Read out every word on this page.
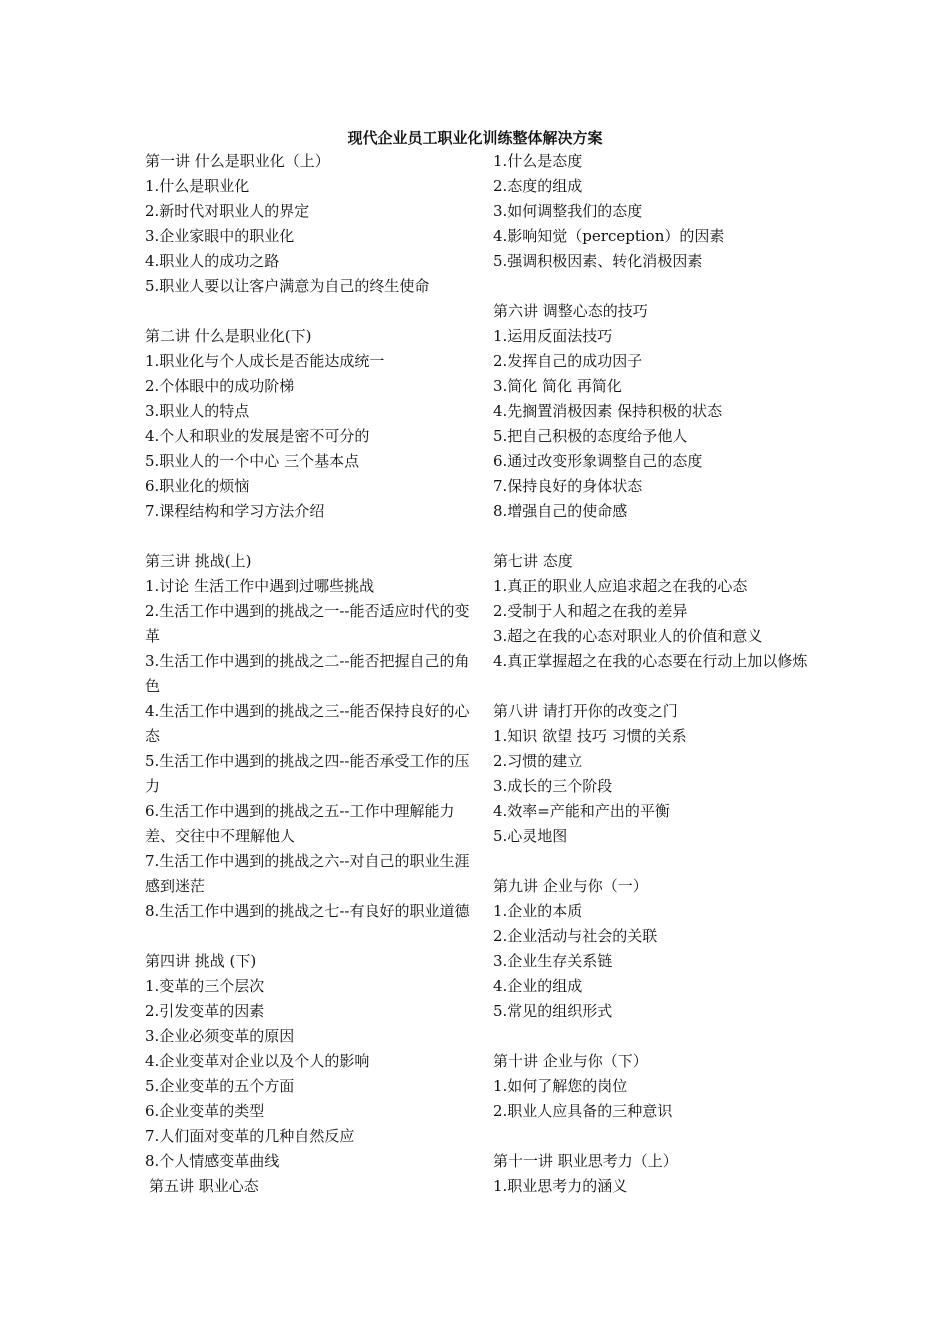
现代企业员工职业化训练整体解决方案
第一讲 什么是职业化（上）
1.什么是职业化
2.新时代对职业人的界定
3.企业家眼中的职业化
4.职业人的成功之路
5.职业人要以让客户满意为自己的终生使命
第二讲 什么是职业化(下)
1.职业化与个人成长是否能达成统一
2.个体眼中的成功阶梯
3.职业人的特点
4.个人和职业的发展是密不可分的
5.职业人的一个中心 三个基本点
6.职业化的烦恼
7.课程结构和学习方法介绍
第三讲 挑战(上)
1.讨论 生活工作中遇到过哪些挑战
2.生活工作中遇到的挑战之一--能否适应时代的变革
3.生活工作中遇到的挑战之二--能否把握自己的角色
4.生活工作中遇到的挑战之三--能否保持良好的心态
5.生活工作中遇到的挑战之四--能否承受工作的压力
6.生活工作中遇到的挑战之五--工作中理解能力差、交往中不理解他人
7.生活工作中遇到的挑战之六--对自己的职业生涯感到迷茫
8.生活工作中遇到的挑战之七--有良好的职业道德
第四讲 挑战 (下)
1.变革的三个层次
2.引发变革的因素
3.企业必须变革的原因
4.企业变革对企业以及个人的影响
5.企业变革的五个方面
6.企业变革的类型
7.人们面对变革的几种自然反应
8.个人情感变革曲线
第五讲 职业心态
1.什么是态度
2.态度的组成
3.如何调整我们的态度
4.影响知觉（perception）的因素
5.强调积极因素、转化消极因素
第六讲 调整心态的技巧
1.运用反面法技巧
2.发挥自己的成功因子
3.简化 简化 再简化
4.先搁置消极因素 保持积极的状态
5.把自己积极的态度给予他人
6.通过改变形象调整自己的态度
7.保持良好的身体状态
8.增强自己的使命感
第七讲 态度
1.真正的职业人应追求超之在我的心态
2.受制于人和超之在我的差异
3.超之在我的心态对职业人的价值和意义
4.真正掌握超之在我的心态要在行动上加以修炼
第八讲 请打开你的改变之门
1.知识 欲望 技巧 习惯的关系
2.习惯的建立
3.成长的三个阶段
4.效率=产能和产出的平衡
5.心灵地图
第九讲 企业与你（一）
1.企业的本质
2.企业活动与社会的关联
3.企业生存关系链
4.企业的组成
5.常见的组织形式
第十讲 企业与你（下）
1.如何了解您的岗位
2.职业人应具备的三种意识
第十一讲 职业思考力（上）
1.职业思考力的涵义
